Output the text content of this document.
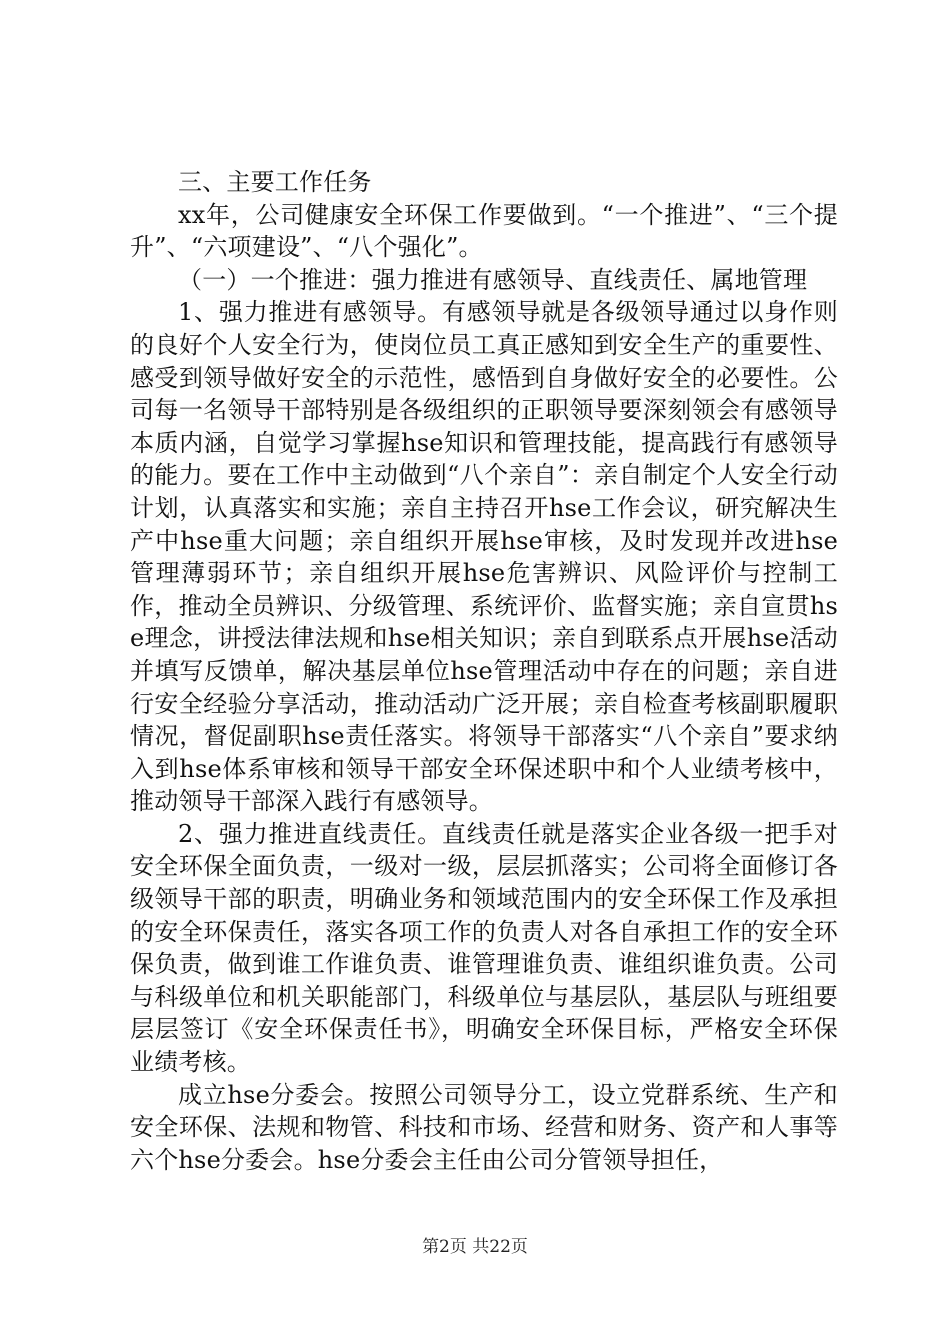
三、主要工作任务

xx年，公司健康安全环保工作要做到。“一个推进”、“三个提升”、“六项建设”、“八个强化”。

（一）一个推进：强力推进有感领导、直线责任、属地管理

1、强力推进有感领导。有感领导就是各级领导通过以身作则的良好个人安全行为，使岗位员工真正感知到安全生产的重要性、感受到领导做好安全的示范性，感悟到自身做好安全的必要性。公司每一名领导干部特别是各级组织的正职领导要深刻领会有感领导本质内涵，自觉学习掌握hse知识和管理技能，提高践行有感领导的能力。要在工作中主动做到“八个亲自”：亲自制定个人安全行动计划，认真落实和实施；亲自主持召开hse工作会议，研究解决生产中hse重大问题；亲自组织开展hse审核，及时发现并改进hse管理薄弱环节；亲自组织开展hse危害辨识、风险评价与控制工作，推动全员辨识、分级管理、系统评价、监督实施；亲自宣贯hse理念，讲授法律法规和hse相关知识；亲自到联系点开展hse活动并填写反馈单，解决基层单位hse管理活动中存在的问题；亲自进行安全经验分享活动，推动活动广泛开展；亲自检查考核副职履职情况，督促副职hse责任落实。将领导干部落实“八个亲自”要求纳入到hse体系审核和领导干部安全环保述职中和个人业绩考核中，推动领导干部深入践行有感领导。

2、强力推进直线责任。直线责任就是落实企业各级一把手对安全环保全面负责，一级对一级，层层抓落实；公司将全面修订各级领导干部的职责，明确业务和领域范围内的安全环保工作及承担的安全环保责任，落实各项工作的负责人对各自承担工作的安全环保负责，做到谁工作谁负责、谁管理谁负责、谁组织谁负责。公司与科级单位和机关职能部门，科级单位与基层队，基层队与班组要层层签订《安全环保责任书》，明确安全环保目标，严格安全环保业绩考核。

成立hse分委会。按照公司领导分工，设立党群系统、生产和安全环保、法规和物管、科技和市场、经营和财务、资产和人事等六个hse分委会。hse分委会主任由公司分管领导担任，

第2页 共22页
